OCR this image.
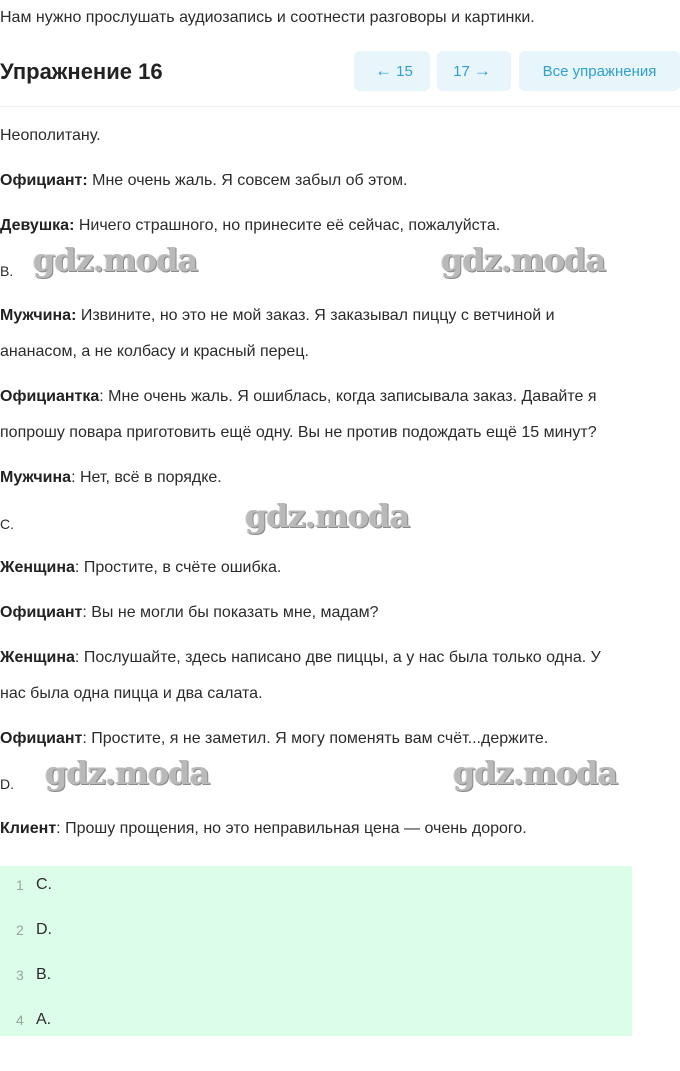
Нам нужно прослушать аудиозапись и соотнести разговоры и картинки.
Упражнение 16	← 15	17 →	Все упражнения
Неополитану.
Официант: Мне очень жаль. Я совсем забыл об этом.
Девушка: Ничего страшного, но принесите её сейчас, пожалуйста.
B. gdz.moda	gdz.moda
Мужчина: Извините, но это не мой заказ. Я заказывал пиццу с ветчиной и
ананасом, а не колбасу и красный перец.
Официантка: Мне очень жаль. Я ошиблась, когда записывала заказ. Давайте я
попрошу повара приготовить ещё одну. Вы не против подождать ещё 15 минут?
Мужчина: Нет, всё в порядке.
C.	gdz.moda
Женщина: Простите, в счёте ошибка.
Официант: Вы не могли бы показать мне, мадам?
Женщина: Послушайте, здесь написано две пиццы, а у нас была только одна. У
нас была одна пицца и два салата.
Официант: Простите, я не заметил. Я могу поменять вам счёт...держите.
D. gdz.moda	gdz.moda
Клиент: Прошу прощения, но это неправильная цена — очень дорого.
1 C.
2 D.
3 B.
4 A.
